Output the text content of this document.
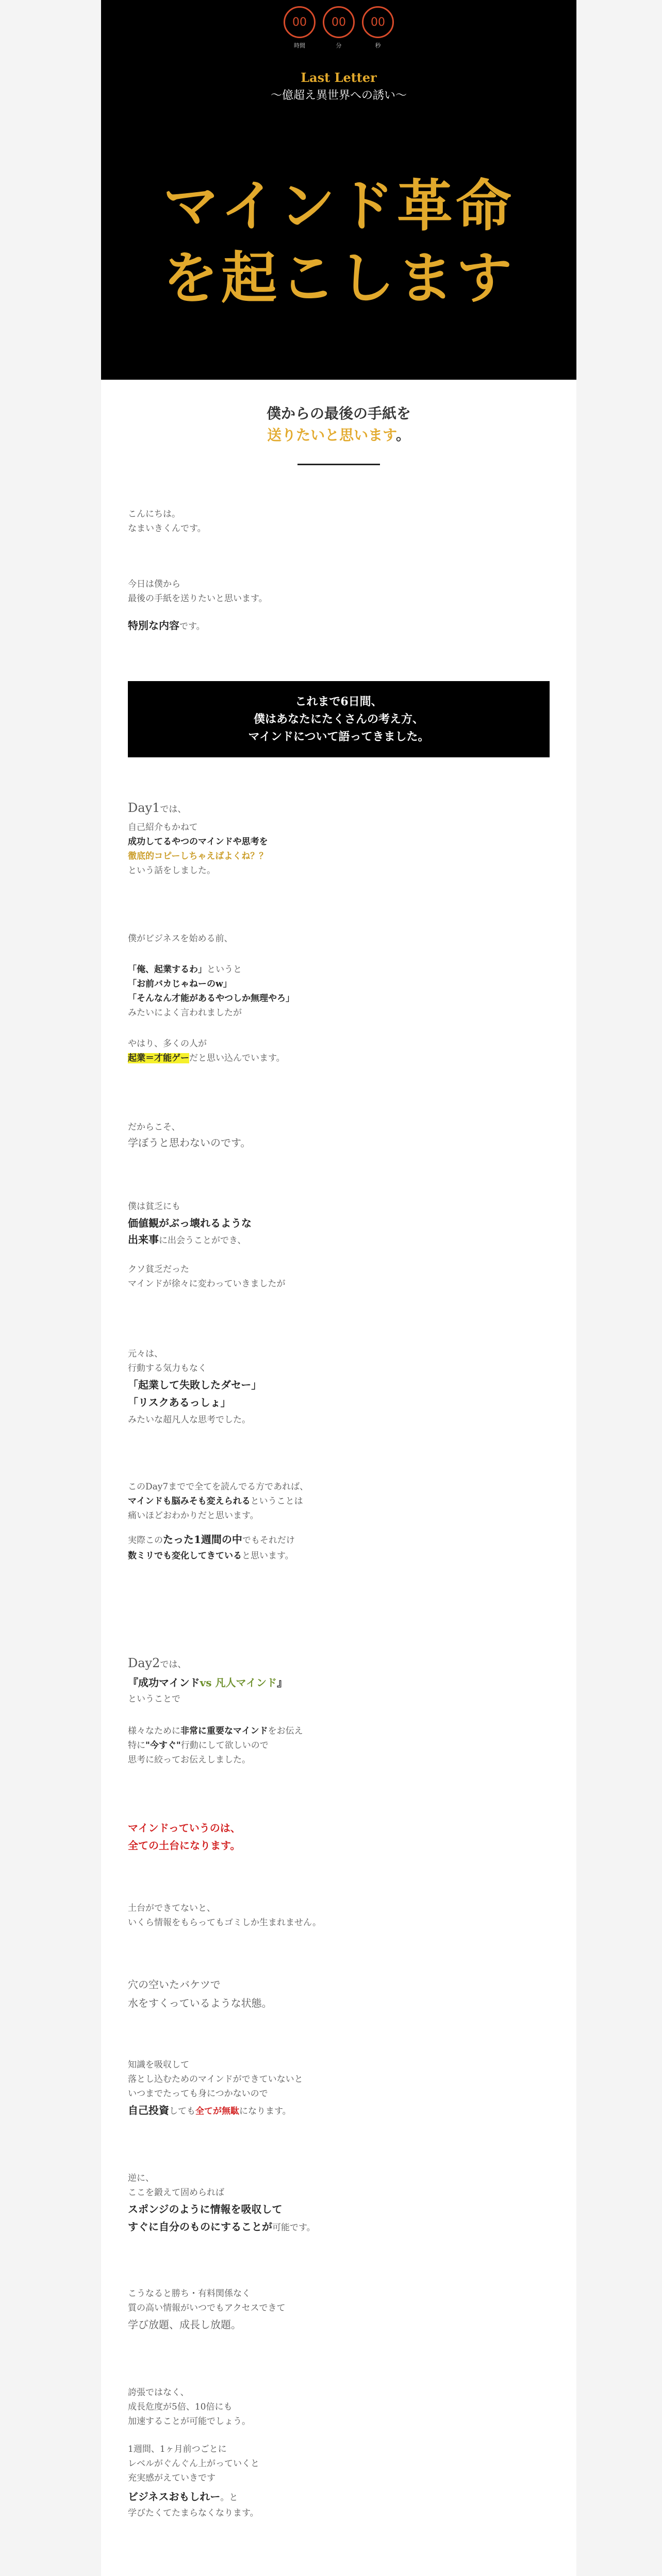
00
時間
00
分
00
秒
Last Letter
〜億超え異世界への誘い〜
マインド革命
を起こします
僕からの最後の手紙を
送りたいと思います。
これまで6日間、
僕はあなたにたくさんの考え方、
マインドについて語ってきました。

こんにちは。

なまいきくんです。

今日は僕から

最後の手紙を送りたいと思います。

特別な内容です。

Day1では、

自己紹介もかねて

成功してるやつのマインドや思考を

徹底的コピーしちゃえばよくね？？

という話をしました。

僕がビジネスを始める前、

「俺、起業するわ」というと

「お前バカじゃねーのw」

「そんなん才能があるやつしか無理やろ」

みたいによく言われましたが

やはり、多くの人が

起業＝才能ゲーだと思い込んでいます。

だからこそ、

学ぼうと思わないのです。

僕は貧乏にも

価値観がぶっ壊れるような

出来事に出会うことができ、

クソ貧乏だった

マインドが徐々に変わっていきましたが

元々は、

行動する気力もなく

「起業して失敗したダセー」

「リスクあるっしょ」

みたいな超凡人な思考でした。

このDay7までで全てを読んでる方であれば、

マインドも脳みそも変えられるということは

痛いほどおわかりだと思います。

実際このたった1週間の中でもそれだけ

数ミリでも変化してきていると思います。

Day2では、

『成功マインドvs 凡人マインド』

ということで

様々なために非常に重要なマインドをお伝え

特に"今すぐ"行動にして欲しいので

思考に絞ってお伝えしました。

マインドっていうのは、

全ての土台になります。

土台ができてないと、

いくら情報をもらってもゴミしか生まれません。

穴の空いたバケツで

水をすくっているような状態。

知識を吸収して

落とし込むためのマインドができていないと

いつまでたっても身につかないので

自己投資しても全てが無駄になります。

逆に、

ここを鍛えて固められば

スポンジのように情報を吸収して

すぐに自分のものにすることが可能です。

こうなると勝ち・有料関係なく

質の高い情報がいつでもアクセスできて

学び放題、成長し放題。

誇張ではなく、

成長危度が5倍、10倍にも

加速することが可能でしょう。

1週間、1ヶ月前つごとに

レベルがぐんぐん上がっていくと

充実感がえていきです

ビジネスおもしれー。と

学びたくてたまらなくなります。
